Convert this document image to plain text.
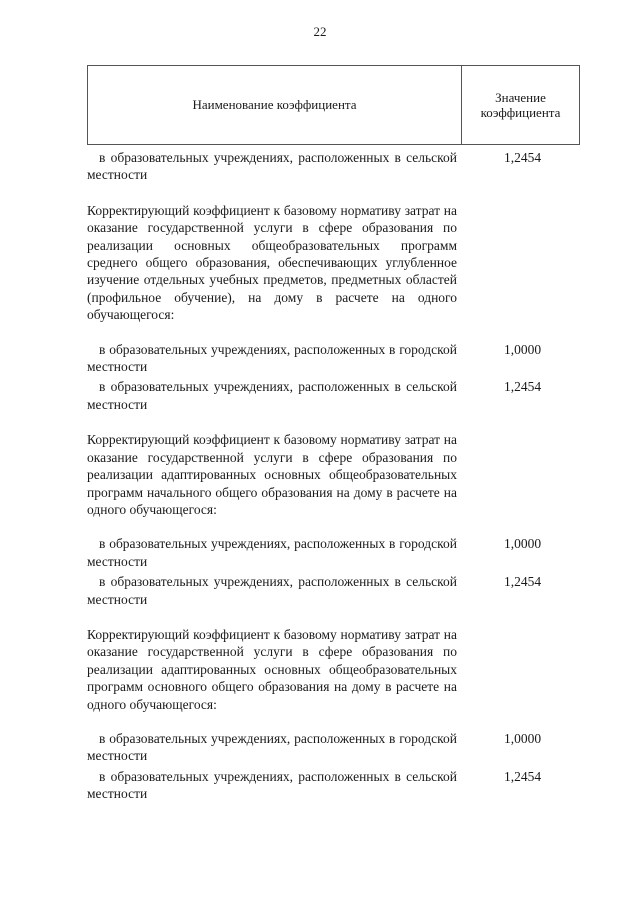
22
Наименование коэффициента	Значение коэффициента
в образовательных учреждениях, расположенных в сельской местности
1,2454
Корректирующий коэффициент к базовому нормативу затрат на оказание государственной услуги в сфере образования по реализации основных общеобразовательных программ среднего общего образования, обеспечивающих углубленное изучение отдельных учебных предметов, предметных областей (профильное обучение), на дому в расчете на одного обучающегося:
в образовательных учреждениях, расположенных в городской местности
1,0000
в образовательных учреждениях, расположенных в сельской местности
1,2454
Корректирующий коэффициент к базовому нормативу затрат на оказание государственной услуги в сфере образования по реализации адаптированных основных общеобразовательных программ начального общего образования на дому в расчете на одного обучающегося:
в образовательных учреждениях, расположенных в городской местности
1,0000
в образовательных учреждениях, расположенных в сельской местности
1,2454
Корректирующий коэффициент к базовому нормативу затрат на оказание государственной услуги в сфере образования по реализации адаптированных основных общеобразовательных программ основного общего образования на дому в расчете на одного обучающегося:
в образовательных учреждениях, расположенных в городской местности
1,0000
в образовательных учреждениях, расположенных в сельской местности
1,2454
